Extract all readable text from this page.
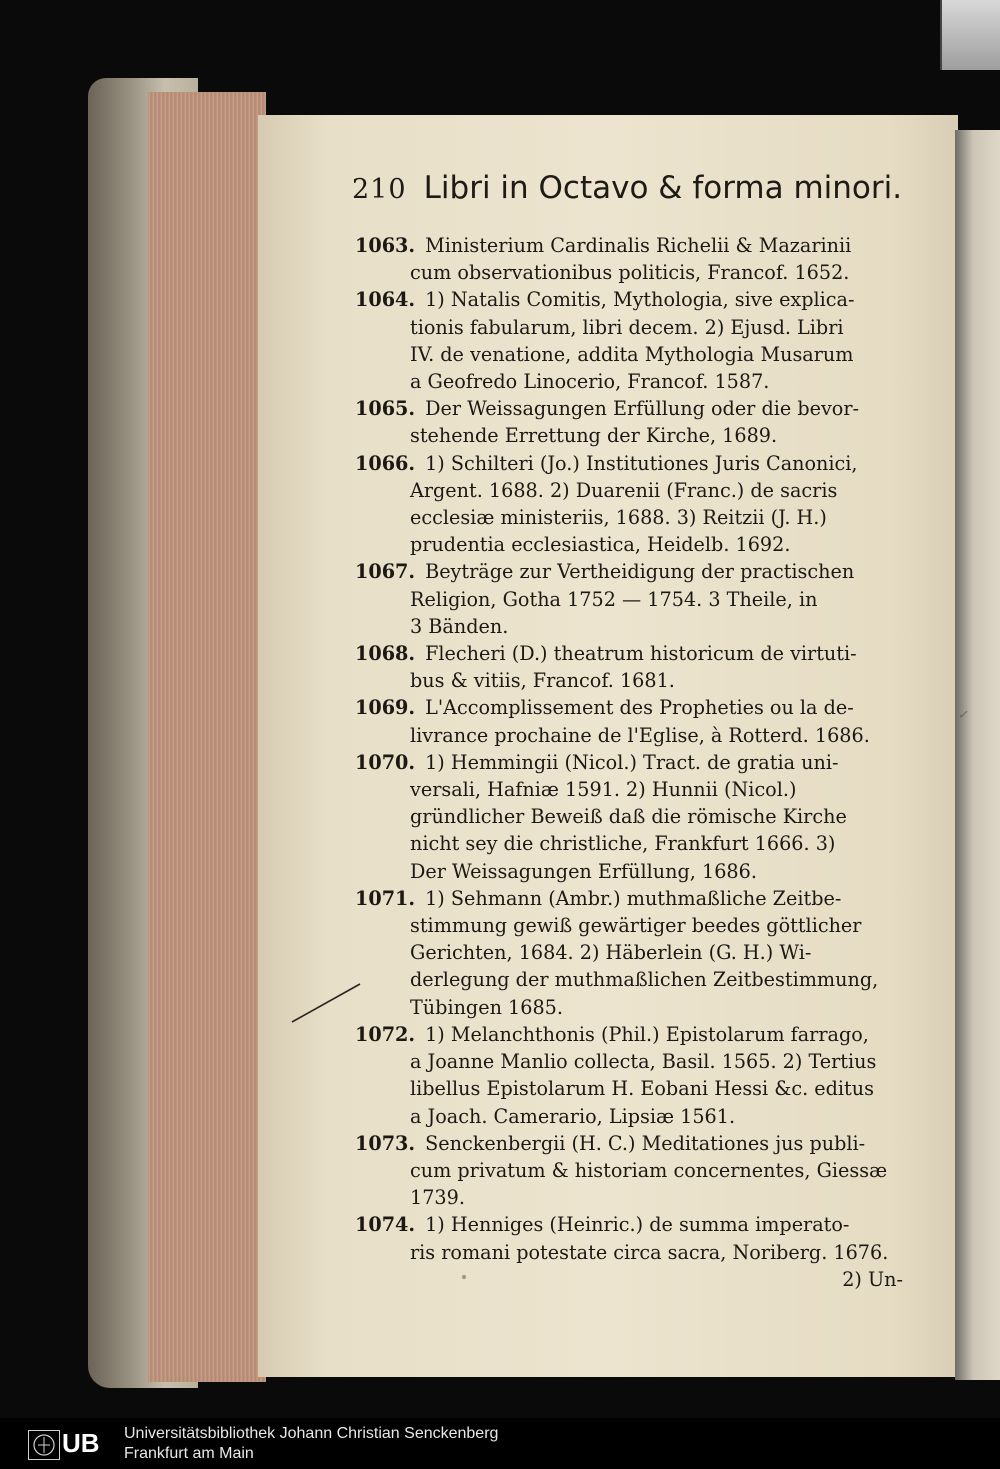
210 Libri in Octavo & forma minori.
1063. Ministerium Cardinalis Richelii & Mazarinii
cum observationibus politicis, Francof. 1652.
1064. 1) Natalis Comitis, Mythologia, sive explica-
tionis fabularum, libri decem. 2) Ejusd. Libri
IV. de venatione, addita Mythologia Musarum
a Geofredo Linocerio, Francof. 1587.
1065. Der Weissagungen Erfüllung oder die bevor-
stehende Errettung der Kirche, 1689.
1066. 1) Schilteri (Jo.) Institutiones Juris Canonici,
Argent. 1688. 2) Duarenii (Franc.) de sacris
ecclesiæ ministeriis, 1688. 3) Reitzii (J. H.)
prudentia ecclesiastica, Heidelb. 1692.
1067. Beyträge zur Vertheidigung der practischen
Religion, Gotha 1752 — 1754. 3 Theile, in
3 Bänden.
1068. Flecheri (D.) theatrum historicum de virtuti-
bus & vitiis, Francof. 1681.
1069. L'Accomplissement des Propheties ou la de-
livrance prochaine de l'Eglise, à Rotterd. 1686.
1070. 1) Hemmingii (Nicol.) Tract. de gratia uni-
versali, Hafniæ 1591. 2) Hunnii (Nicol.)
gründlicher Beweiß daß die römische Kirche
nicht sey die christliche, Frankfurt 1666. 3)
Der Weissagungen Erfüllung, 1686.
1071. 1) Sehmann (Ambr.) muthmaßliche Zeitbe-
stimmung gewiß gewärtiger beedes göttlicher
Gerichten, 1684. 2) Häberlein (G. H.) Wi-
derlegung der muthmaßlichen Zeitbestimmung,
Tübingen 1685.
1072. 1) Melanchthonis (Phil.) Epistolarum farrago,
a Joanne Manlio collecta, Basil. 1565. 2) Tertius
libellus Epistolarum H. Eobani Hessi &c. editus
a Joach. Camerario, Lipsiæ 1561.
1073. Senckenbergii (H. C.) Meditationes jus publi-
cum privatum & historiam concernentes, Giessæ
1739.
1074. 1) Henniges (Heinric.) de summa imperato-
ris romani potestate circa sacra, Noriberg. 1676.
2) Un-
✓
UB Universitätsbibliothek Johann Christian Senckenberg
Frankfurt am Main
